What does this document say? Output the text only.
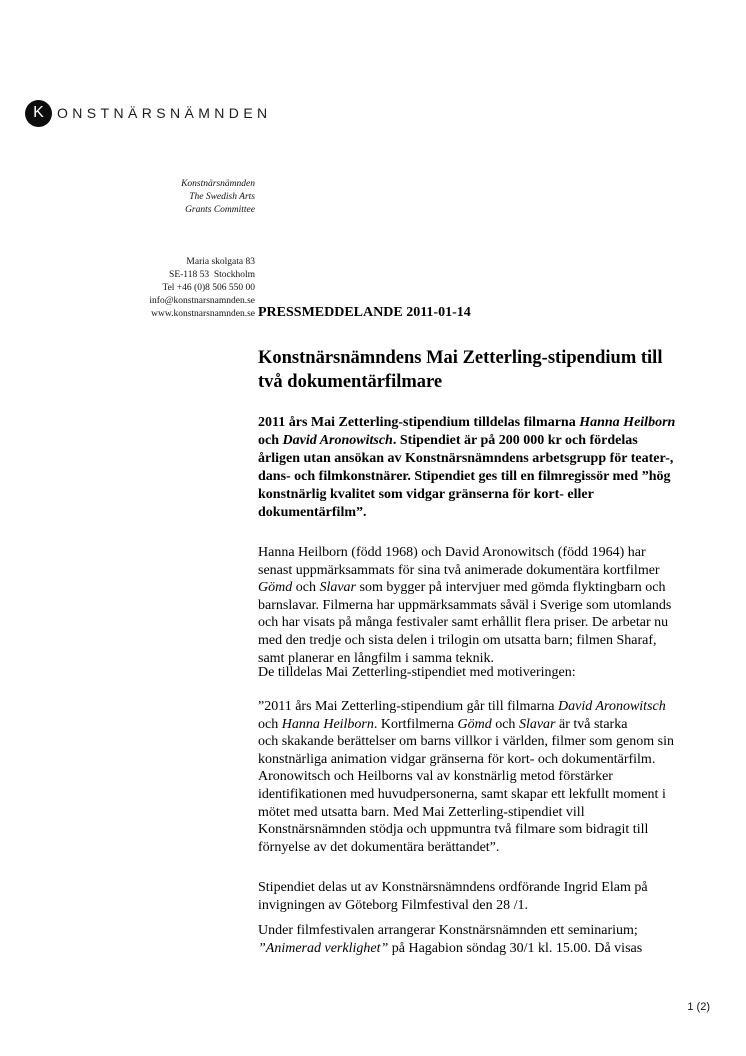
K ONSTNÄRSNÄMNDEN

Konstnärsnämnden
The Swedish Arts
Grants Committee

Maria skolgata 83
SE-118 53  Stockholm
Tel +46 (0)8 506 550 00
info@konstnarsnamnden.se
www.konstnarsnamnden.se

PRESSMEDDELANDE 2011-01-14
Konstnärsnämndens Mai Zetterling-stipendium till
två dokumentärfilmare
2011 års Mai Zetterling-stipendium tilldelas filmarna Hanna Heilborn
och David Aronowitsch. Stipendiet är på 200 000 kr och fördelas
årligen utan ansökan av Konstnärsnämndens arbetsgrupp för teater-,
dans- och filmkonstnärer. Stipendiet ges till en filmregissör med ”hög
konstnärlig kvalitet som vidgar gränserna för kort- eller
dokumentärfilm”.
Hanna Heilborn (född 1968) och David Aronowitsch (född 1964) har
senast uppmärksammats för sina två animerade dokumentära kortfilmer
Gömd och Slavar som bygger på intervjuer med gömda flyktingbarn och
barnslavar. Filmerna har uppmärksammats såväl i Sverige som utomlands
och har visats på många festivaler samt erhållit flera priser. De arbetar nu
med den tredje och sista delen i trilogin om utsatta barn; filmen Sharaf,
samt planerar en långfilm i samma teknik.
De tilldelas Mai Zetterling-stipendiet med motiveringen:
”2011 års Mai Zetterling-stipendium går till filmarna David Aronowitsch
och Hanna Heilborn. Kortfilmerna Gömd och Slavar är två starka
och skakande berättelser om barns villkor i världen, filmer som genom sin
konstnärliga animation vidgar gränserna för kort- och dokumentärfilm.
Aronowitsch och Heilborns val av konstnärlig metod förstärker
identifikationen med huvudpersonerna, samt skapar ett lekfullt moment i
mötet med utsatta barn. Med Mai Zetterling-stipendiet vill
Konstnärsnämnden stödja och uppmuntra två filmare som bidragit till
förnyelse av det dokumentära berättandet”.
Stipendiet delas ut av Konstnärsnämndens ordförande Ingrid Elam på
invigningen av Göteborg Filmfestival den 28 /1.
Under filmfestivalen arrangerar Konstnärsnämnden ett seminarium;
”Animerad verklighet” på Hagabion söndag 30/1 kl. 15.00. Då visas
1 (2)
